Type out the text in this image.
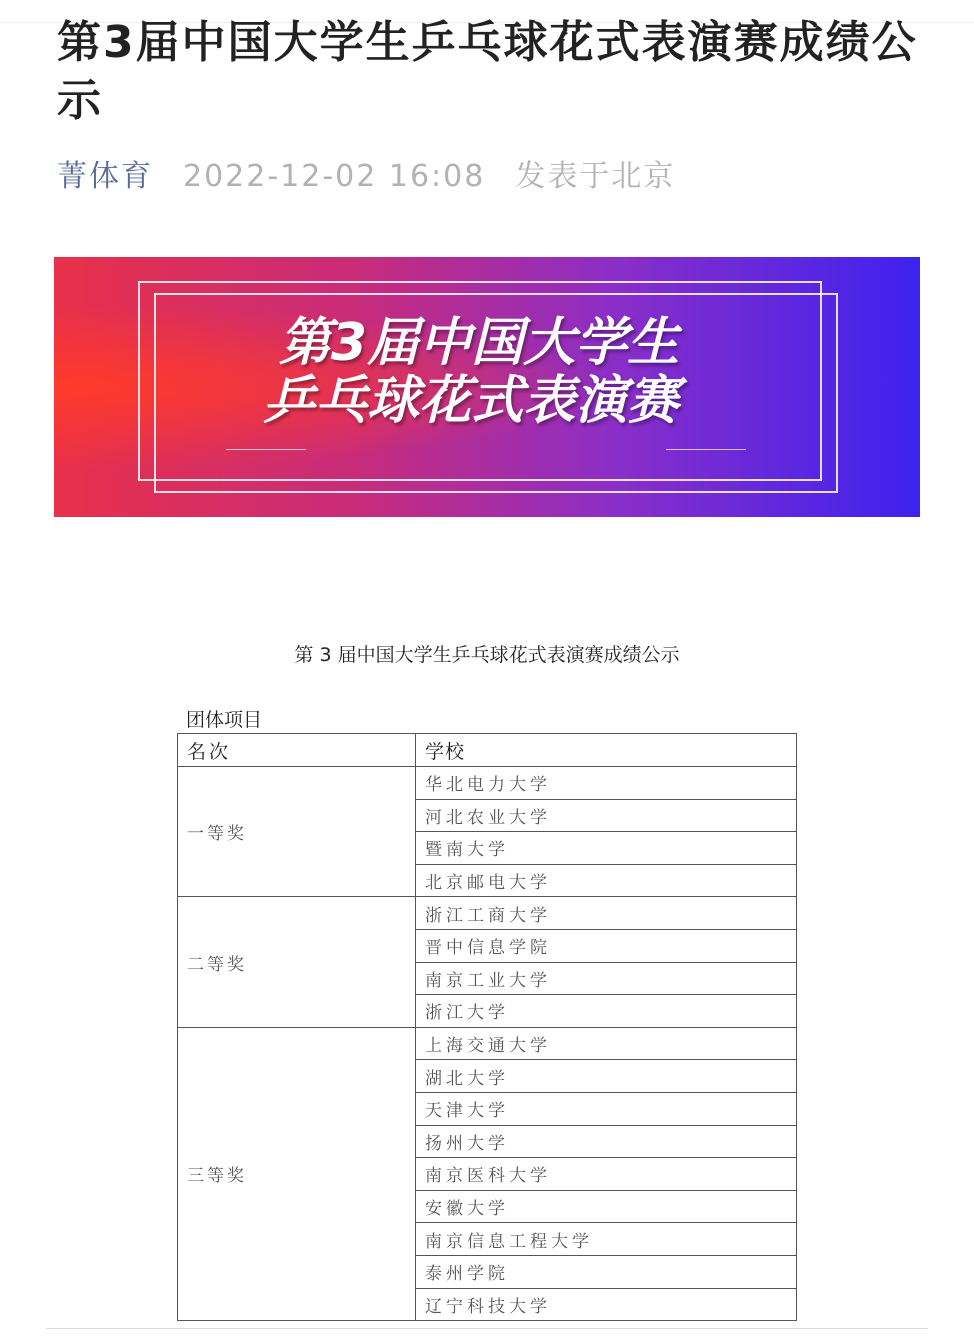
第3届中国大学生乒乓球花式表演赛成绩公示
菁体育 2022-12-02 16:08 发表于北京
第3届中国大学生
乒乓球花式表演赛
第 3 届中国大学生乒乓球花式表演赛成绩公示
团体项目
名次	学校
一等奖	华北电力大学
	河北农业大学
	暨南大学
	北京邮电大学
二等奖	浙江工商大学
	晋中信息学院
	南京工业大学
	浙江大学
三等奖	上海交通大学
	湖北大学
	天津大学
	扬州大学
	南京医科大学
	安徽大学
	南京信息工程大学
	泰州学院
	辽宁科技大学
